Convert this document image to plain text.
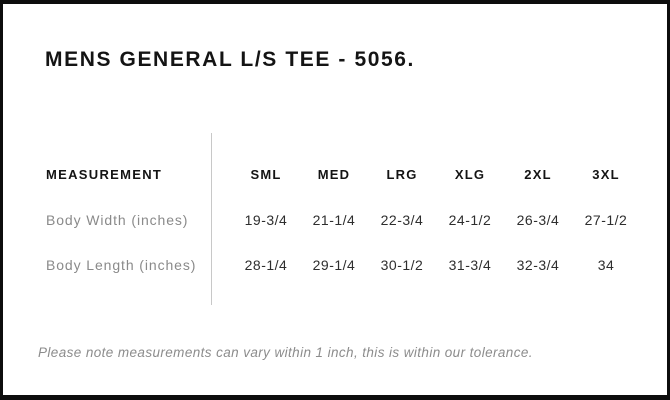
MENS GENERAL L/S TEE - 5056.
MEASUREMENT	SML	MED	LRG	XLG	2XL	3XL
Body Width (inches)	19-3/4	21-1/4	22-3/4	24-1/2	26-3/4	27-1/2
Body Length (inches)	28-1/4	29-1/4	30-1/2	31-3/4	32-3/4	34
Please note measurements can vary within 1 inch, this is within our tolerance.
